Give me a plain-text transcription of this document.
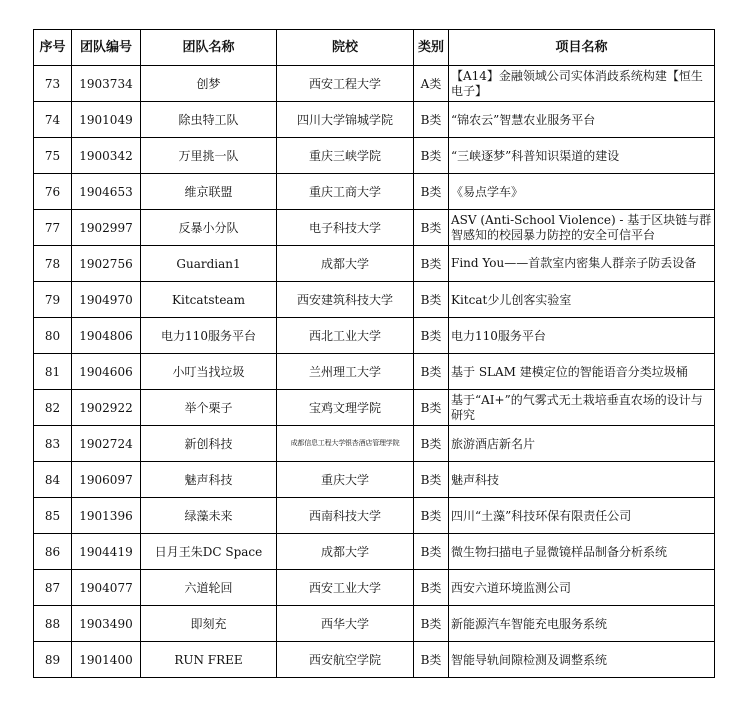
序号	团队编号	团队名称	院校	类别	项目名称
73	1903734	创梦	西安工程大学	A类	【A14】金融领域公司实体消歧系统构建【恒生电子】
74	1901049	除虫特工队	四川大学锦城学院	B类	“锦农云”智慧农业服务平台
75	1900342	万里挑一队	重庆三峡学院	B类	“三峡逐梦”科普知识渠道的建设
76	1904653	维京联盟	重庆工商大学	B类	《易点学车》
77	1902997	反暴小分队	电子科技大学	B类	ASV (Anti-School Violence) - 基于区块链与群智感知的校园暴力防控的安全可信平台
78	1902756	Guardian1	成都大学	B类	Find You——首款室内密集人群亲子防丢设备
79	1904970	Kitcatsteam	西安建筑科技大学	B类	Kitcat少儿创客实验室
80	1904806	电力110服务平台	西北工业大学	B类	电力110服务平台
81	1904606	小叮当找垃圾	兰州理工大学	B类	基于 SLAM 建模定位的智能语音分类垃圾桶
82	1902922	举个栗子	宝鸡文理学院	B类	基于“AI+”的气雾式无土栽培垂直农场的设计与研究
83	1902724	新创科技	成都信息工程大学银杏酒店管理学院	B类	旅游酒店新名片
84	1906097	魅声科技	重庆大学	B类	魅声科技
85	1901396	绿藻未来	西南科技大学	B类	四川“土藻”科技环保有限责任公司
86	1904419	日月王朱DC Space	成都大学	B类	微生物扫描电子显微镜样品制备分析系统
87	1904077	六道轮回	西安工业大学	B类	西安六道环境监测公司
88	1903490	即刻充	西华大学	B类	新能源汽车智能充电服务系统
89	1901400	RUN FREE	西安航空学院	B类	智能导轨间隙检测及调整系统
